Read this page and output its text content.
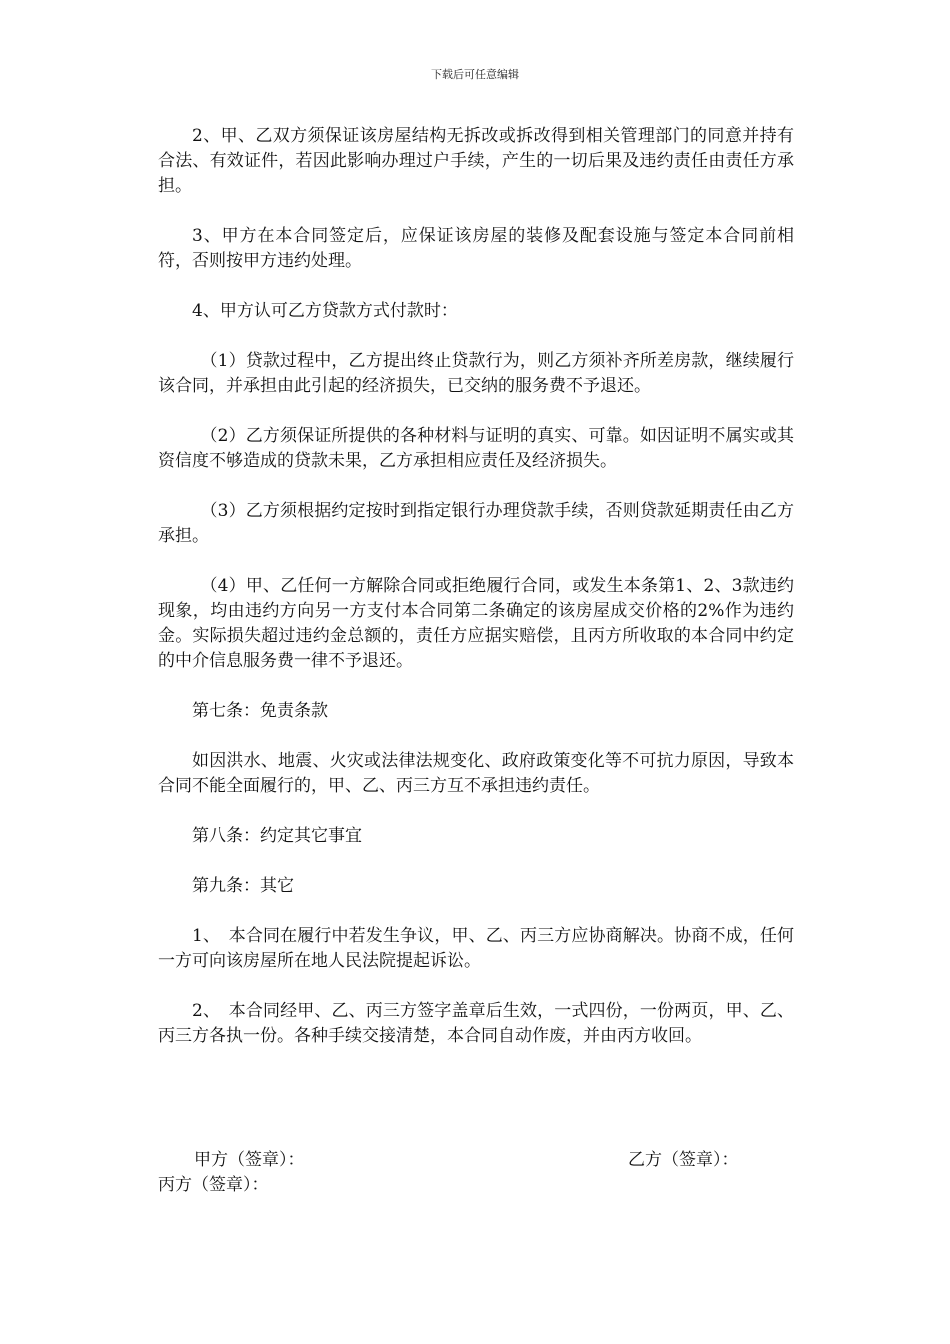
下载后可任意编辑

2、甲、乙双方须保证该房屋结构无拆改或拆改得到相关管理部门的同意并持有合法、有效证件，若因此影响办理过户手续，产生的一切后果及违约责任由责任方承担。

3、甲方在本合同签定后，应保证该房屋的装修及配套设施与签定本合同前相符，否则按甲方违约处理。

4、甲方认可乙方贷款方式付款时：

（1）贷款过程中，乙方提出终止贷款行为，则乙方须补齐所差房款，继续履行该合同，并承担由此引起的经济损失，已交纳的服务费不予退还。

（2）乙方须保证所提供的各种材料与证明的真实、可靠。如因证明不属实或其资信度不够造成的贷款未果，乙方承担相应责任及经济损失。

（3）乙方须根据约定按时到指定银行办理贷款手续，否则贷款延期责任由乙方承担。

（4）甲、乙任何一方解除合同或拒绝履行合同，或发生本条第1、2、3款违约现象，均由违约方向另一方支付本合同第二条确定的该房屋成交价格的2%作为违约金。实际损失超过违约金总额的，责任方应据实赔偿，且丙方所收取的本合同中约定的中介信息服务费一律不予退还。

第七条：免责条款

如因洪水、地震、火灾或法律法规变化、政府政策变化等不可抗力原因，导致本合同不能全面履行的，甲、乙、丙三方互不承担违约责任。

第八条：约定其它事宜

第九条：其它

1、　本合同在履行中若发生争议，甲、乙、丙三方应协商解决。协商不成，任何一方可向该房屋所在地人民法院提起诉讼。

2、　本合同经甲、乙、丙三方签字盖章后生效，一式四份，一份两页，甲、乙、丙三方各执一份。各种手续交接清楚，本合同自动作废，并由丙方收回。

甲方（签章）：	乙方（签章）：
丙方（签章）：
